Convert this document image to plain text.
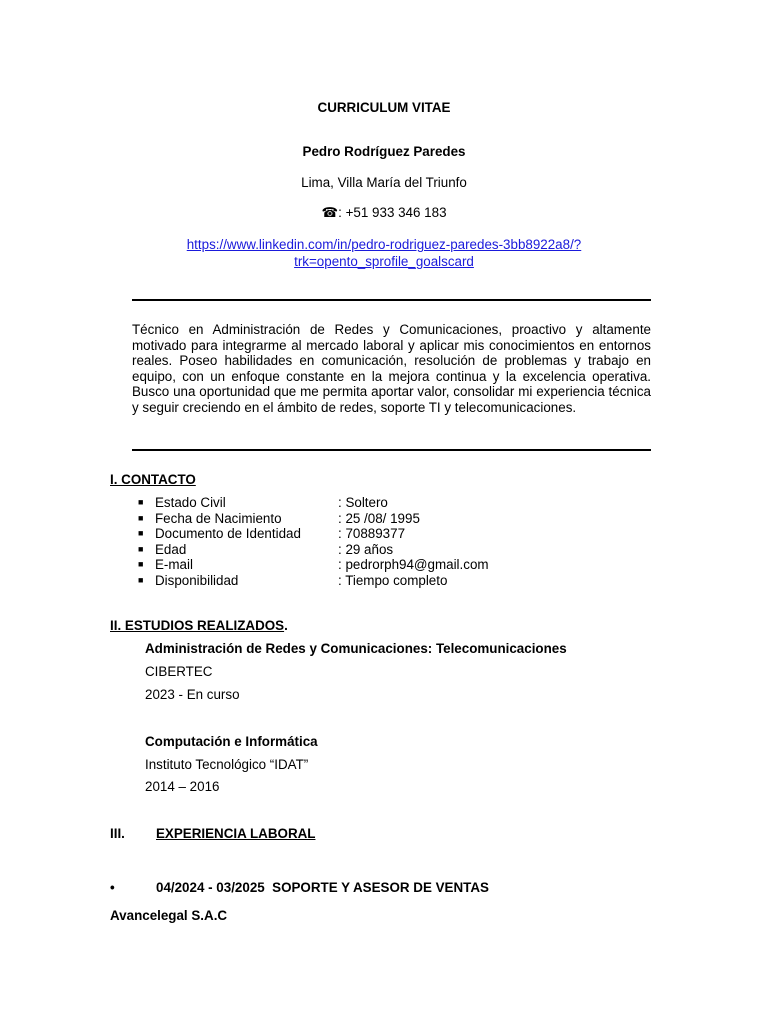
CURRICULUM VITAE
Pedro Rodríguez Paredes
Lima, Villa María del Triunfo
☎: +51 933 346 183
https://www.linkedin.com/in/pedro-rodriguez-paredes-3bb8922a8/?
trk=opento_sprofile_goalscard
Técnico en Administración de Redes y Comunicaciones, proactivo y altamente motivado para integrarme al mercado laboral y aplicar mis conocimientos en entornos reales. Poseo habilidades en comunicación, resolución de problemas y trabajo en equipo, con un enfoque constante en la mejora continua y la excelencia operativa. Busco una oportunidad que me permita aportar valor, consolidar mi experiencia técnica y seguir creciendo en el ámbito de redes, soporte TI y telecomunicaciones.
I. CONTACTO
■ Estado Civil	: Soltero
■ Fecha de Nacimiento	: 25 /08/ 1995
■ Documento de Identidad	: 70889377
■ Edad	: 29 años
■ E-mail	: pedrorph94@gmail.com
■ Disponibilidad	: Tiempo completo
II. ESTUDIOS REALIZADOS.
Administración de Redes y Comunicaciones: Telecomunicaciones
CIBERTEC
2023 - En curso
Computación e Informática
Instituto Tecnológico “IDAT”
2014 – 2016
III. EXPERIENCIA LABORAL
•	04/2024 - 03/2025  SOPORTE Y ASESOR DE VENTAS
Avancelegal S.A.C
